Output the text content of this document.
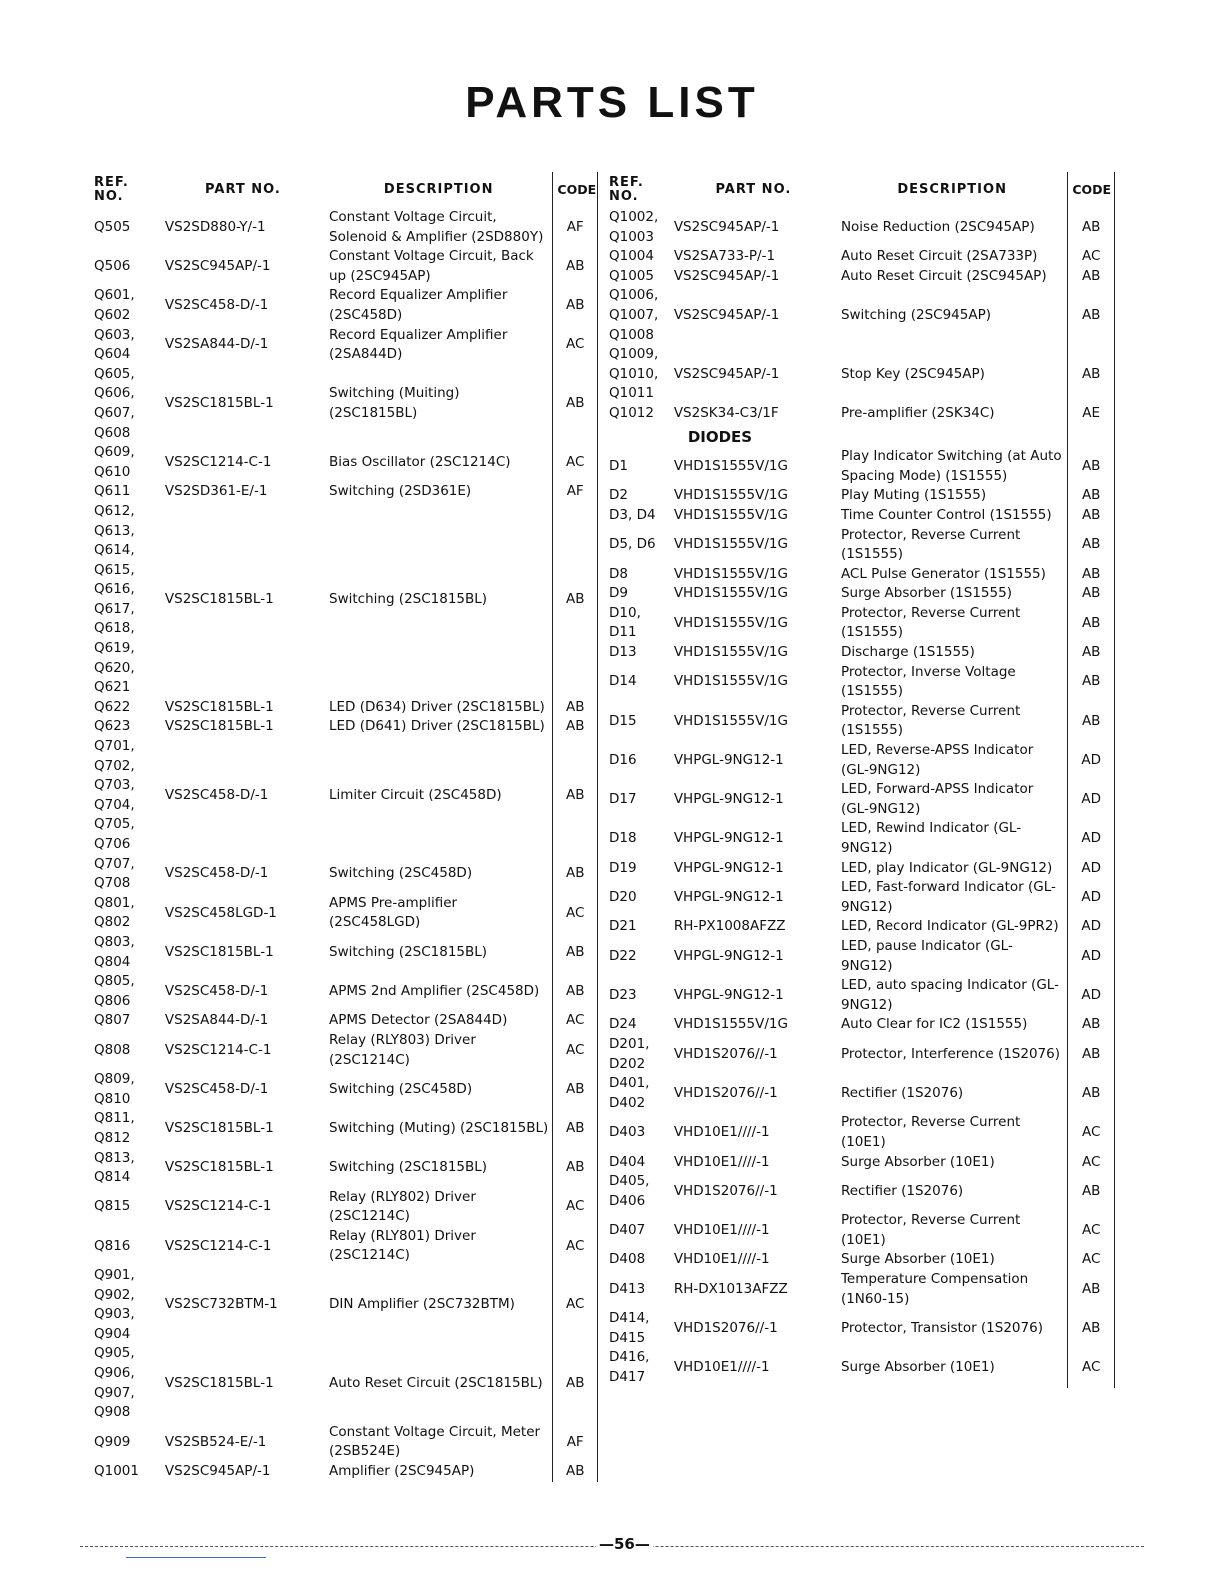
PARTS LIST
REF.
NO.	PART NO.	DESCRIPTION	CODE
Q505	VS2SD880-Y/-1	Constant Voltage Circuit, Solenoid & Amplifier (2SD880Y)	AF
Q506	VS2SC945AP/-1	Constant Voltage Circuit, Back up (2SC945AP)	AB
Q601, Q602	VS2SC458-D/-1	Record Equalizer Amplifier (2SC458D)	AB
Q603, Q604	VS2SA844-D/-1	Record Equalizer Amplifier (2SA844D)	AC
Q605, Q606, Q607, Q608	VS2SC1815BL-1	Switching (Muiting) (2SC1815BL)	AB
Q609, Q610	VS2SC1214-C-1	Bias Oscillator (2SC1214C)	AC
Q611	VS2SD361-E/-1	Switching (2SD361E)	AF
Q612, Q613, Q614, Q615, Q616, Q617, Q618, Q619, Q620, Q621	VS2SC1815BL-1	Switching (2SC1815BL)	AB
Q622	VS2SC1815BL-1	LED (D634) Driver (2SC1815BL)	AB
Q623	VS2SC1815BL-1	LED (D641) Driver (2SC1815BL)	AB
Q701, Q702, Q703, Q704, Q705, Q706	VS2SC458-D/-1	Limiter Circuit (2SC458D)	AB
Q707, Q708	VS2SC458-D/-1	Switching (2SC458D)	AB
Q801, Q802	VS2SC458LGD-1	APMS Pre-amplifier (2SC458LGD)	AC
Q803, Q804	VS2SC1815BL-1	Switching (2SC1815BL)	AB
Q805, Q806	VS2SC458-D/-1	APMS 2nd Amplifier (2SC458D)	AB
Q807	VS2SA844-D/-1	APMS Detector (2SA844D)	AC
Q808	VS2SC1214-C-1	Relay (RLY803) Driver (2SC1214C)	AC
Q809, Q810	VS2SC458-D/-1	Switching (2SC458D)	AB
Q811, Q812	VS2SC1815BL-1	Switching (Muting) (2SC1815BL)	AB
Q813, Q814	VS2SC1815BL-1	Switching (2SC1815BL)	AB
Q815	VS2SC1214-C-1	Relay (RLY802) Driver (2SC1214C)	AC
Q816	VS2SC1214-C-1	Relay (RLY801) Driver (2SC1214C)	AC
Q901, Q902, Q903, Q904	VS2SC732BTM-1	DIN Amplifier (2SC732BTM)	AC
Q905, Q906, Q907, Q908	VS2SC1815BL-1	Auto Reset Circuit (2SC1815BL)	AB
Q909	VS2SB524-E/-1	Constant Voltage Circuit, Meter (2SB524E)	AF
Q1001	VS2SC945AP/-1	Amplifier (2SC945AP)	AB
REF.
NO.	PART NO.	DESCRIPTION	CODE
Q1002, Q1003	VS2SC945AP/-1	Noise Reduction (2SC945AP)	AB
Q1004	VS2SA733-P/-1	Auto Reset Circuit (2SA733P)	AC
Q1005	VS2SC945AP/-1	Auto Reset Circuit (2SC945AP)	AB
Q1006, Q1007, Q1008	VS2SC945AP/-1	Switching (2SC945AP)	AB
Q1009, Q1010, Q1011	VS2SC945AP/-1	Stop Key (2SC945AP)	AB
Q1012	VS2SK34-C3/1F	Pre-amplifier (2SK34C)	AE
	DIODES		
D1	VHD1S1555V/1G	Play Indicator Switching (at Auto Spacing Mode) (1S1555)	AB
D2	VHD1S1555V/1G	Play Muting (1S1555)	AB
D3, D4	VHD1S1555V/1G	Time Counter Control (1S1555)	AB
D5, D6	VHD1S1555V/1G	Protector, Reverse Current (1S1555)	AB
D8	VHD1S1555V/1G	ACL Pulse Generator (1S1555)	AB
D9	VHD1S1555V/1G	Surge Absorber (1S1555)	AB
D10, D11	VHD1S1555V/1G	Protector, Reverse Current (1S1555)	AB
D13	VHD1S1555V/1G	Discharge (1S1555)	AB
D14	VHD1S1555V/1G	Protector, Inverse Voltage (1S1555)	AB
D15	VHD1S1555V/1G	Protector, Reverse Current (1S1555)	AB
D16	VHPGL-9NG12-1	LED, Reverse-APSS Indicator (GL-9NG12)	AD
D17	VHPGL-9NG12-1	LED, Forward-APSS Indicator (GL-9NG12)	AD
D18	VHPGL-9NG12-1	LED, Rewind Indicator (GL-9NG12)	AD
D19	VHPGL-9NG12-1	LED, play Indicator (GL-9NG12)	AD
D20	VHPGL-9NG12-1	LED, Fast-forward Indicator (GL-9NG12)	AD
D21	RH-PX1008AFZZ	LED, Record Indicator (GL-9PR2)	AD
D22	VHPGL-9NG12-1	LED, pause Indicator (GL-9NG12)	AD
D23	VHPGL-9NG12-1	LED, auto spacing Indicator (GL-9NG12)	AD
D24	VHD1S1555V/1G	Auto Clear for IC2 (1S1555)	AB
D201, D202	VHD1S2076//-1	Protector, Interference (1S2076)	AB
D401, D402	VHD1S2076//-1	Rectifier (1S2076)	AB
D403	VHD10E1////-1	Protector, Reverse Current (10E1)	AC
D404	VHD10E1////-1	Surge Absorber (10E1)	AC
D405, D406	VHD1S2076//-1	Rectifier (1S2076)	AB
D407	VHD10E1////-1	Protector, Reverse Current (10E1)	AC
D408	VHD10E1////-1	Surge Absorber (10E1)	AC
D413	RH-DX1013AFZZ	Temperature Compensation (1N60-15)	AB
D414, D415	VHD1S2076//-1	Protector, Transistor (1S2076)	AB
D416, D417	VHD10E1////-1	Surge Absorber (10E1)	AC
—56—
